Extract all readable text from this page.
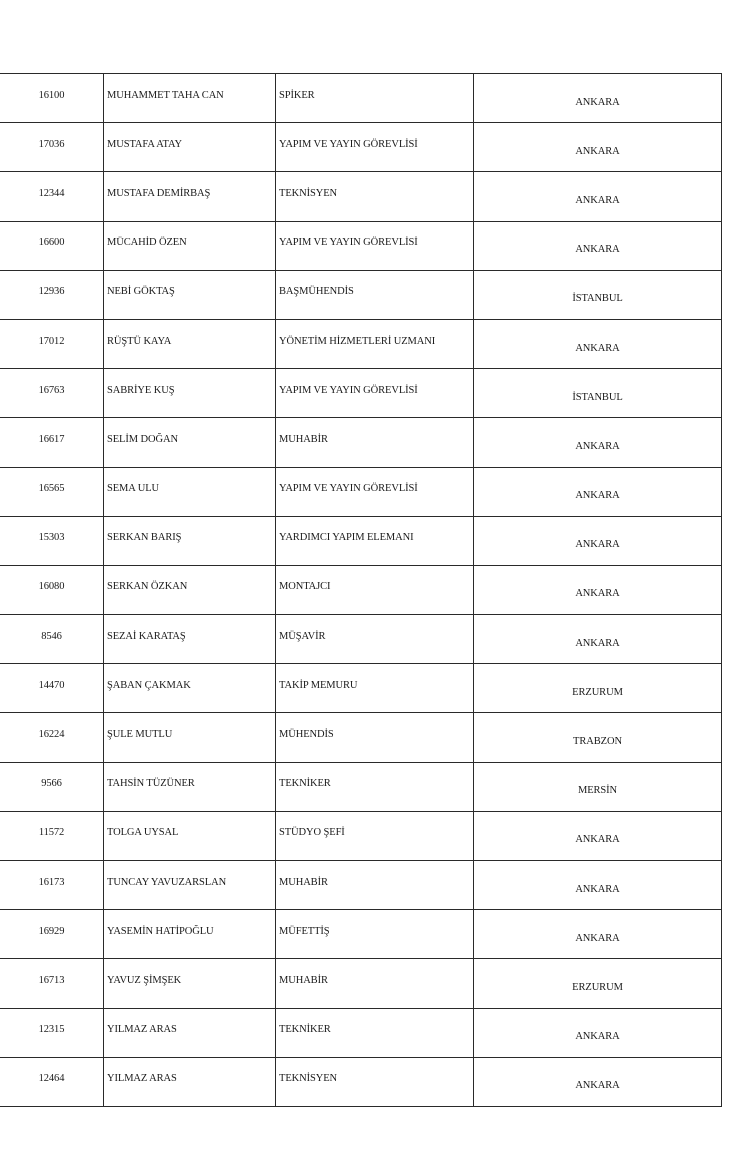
16100	MUHAMMET TAHA CAN	SPİKER	ANKARA
17036	MUSTAFA ATAY	YAPIM VE YAYIN GÖREVLİSİ	ANKARA
12344	MUSTAFA DEMİRBAŞ	TEKNİSYEN	ANKARA
16600	MÜCAHİD ÖZEN	YAPIM VE YAYIN GÖREVLİSİ	ANKARA
12936	NEBİ GÖKTAŞ	BAŞMÜHENDİS	İSTANBUL
17012	RÜŞTÜ KAYA	YÖNETİM HİZMETLERİ UZMANI	ANKARA
16763	SABRİYE KUŞ	YAPIM VE YAYIN GÖREVLİSİ	İSTANBUL
16617	SELİM DOĞAN	MUHABİR	ANKARA
16565	SEMA ULU	YAPIM VE YAYIN GÖREVLİSİ	ANKARA
15303	SERKAN BARIŞ	YARDIMCI YAPIM ELEMANI	ANKARA
16080	SERKAN ÖZKAN	MONTAJCI	ANKARA
8546	SEZAİ KARATAŞ	MÜŞAVİR	ANKARA
14470	ŞABAN ÇAKMAK	TAKİP MEMURU	ERZURUM
16224	ŞULE MUTLU	MÜHENDİS	TRABZON
9566	TAHSİN TÜZÜNER	TEKNİKER	MERSİN
11572	TOLGA UYSAL	STÜDYO ŞEFİ	ANKARA
16173	TUNCAY YAVUZARSLAN	MUHABİR	ANKARA
16929	YASEMİN HATİPOĞLU	MÜFETTİŞ	ANKARA
16713	YAVUZ ŞİMŞEK	MUHABİR	ERZURUM
12315	YILMAZ ARAS	TEKNİKER	ANKARA
12464	YILMAZ ARAS	TEKNİSYEN	ANKARA
